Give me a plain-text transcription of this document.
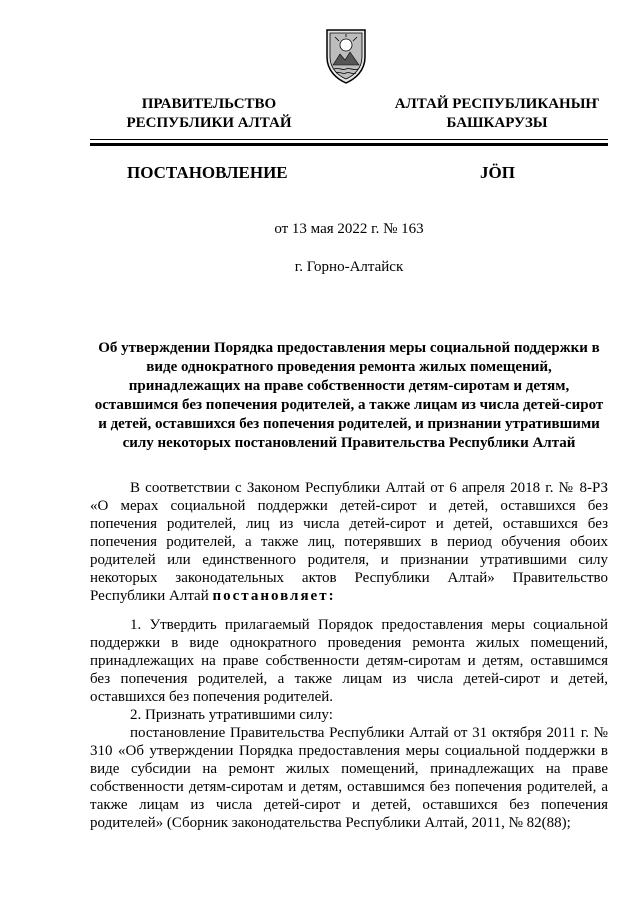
ПРАВИТЕЛЬСТВО
РЕСПУБЛИКИ АЛТАЙ
АЛТАЙ РЕСПУБЛИКАНЫҤ
БАШКАРУЗЫ
ПОСТАНОВЛЕНИЕ	JӦП
от 13 мая 2022 г. № 163
г. Горно-Алтайск
Об утверждении Порядка предоставления меры социальной поддержки в виде однократного проведения ремонта жилых помещений, принадлежащих на праве собственности детям-сиротам и детям, оставшимся без попечения родителей, а также лицам из числа детей-сирот и детей, оставшихся без попечения родителей, и признании утратившими силу некоторых постановлений Правительства Республики Алтай

В соответствии с Законом Республики Алтай от 6 апреля 2018 г. № 8-РЗ «О мерах социальной поддержки детей-сирот и детей, оставшихся без попечения родителей, лиц из числа детей-сирот и детей, оставшихся без попечения родителей, а также лиц, потерявших в период обучения обоих родителей или единственного родителя, и признании утратившими силу некоторых законодательных актов Республики Алтай» Правительство Республики Алтай постановляет:

1. Утвердить прилагаемый Порядок предоставления меры социальной поддержки в виде однократного проведения ремонта жилых помещений, принадлежащих на праве собственности детям-сиротам и детям, оставшимся без попечения родителей, а также лицам из числа детей-сирот и детей, оставшихся без попечения родителей.

2. Признать утратившими силу:

постановление Правительства Республики Алтай от 31 октября 2011 г. № 310 «Об утверждении Порядка предоставления меры социальной поддержки в виде субсидии на ремонт жилых помещений, принадлежащих на праве собственности детям-сиротам и детям, оставшимся без попечения родителей, а также лицам из числа детей-сирот и детей, оставшихся без попечения родителей» (Сборник законодательства Республики Алтай, 2011, № 82(88);
